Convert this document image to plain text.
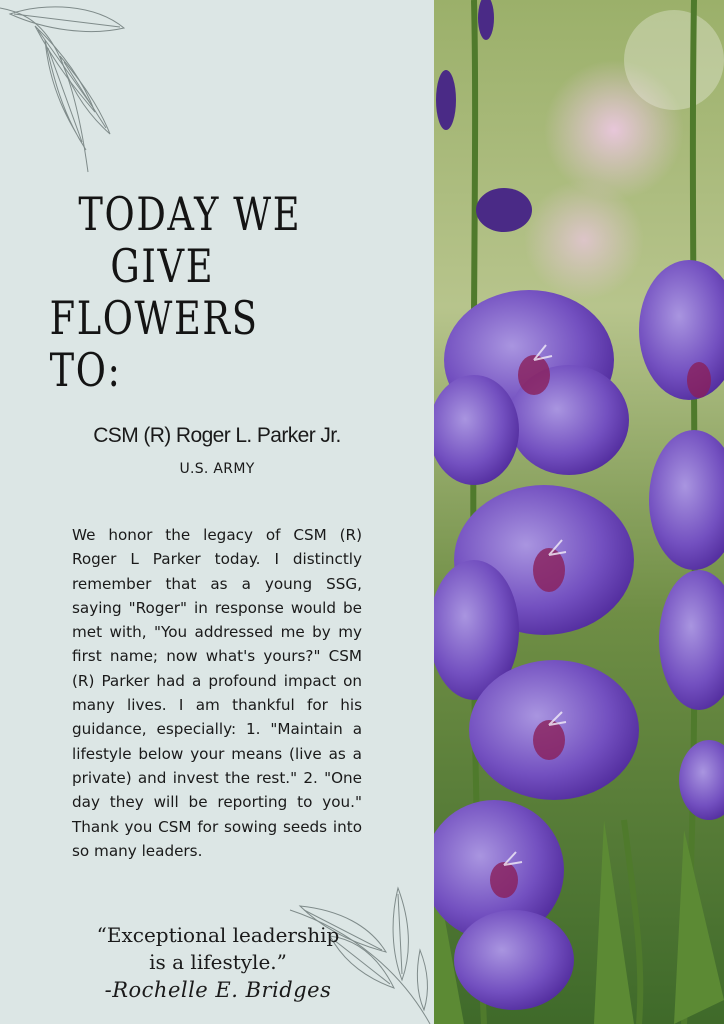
TODAY WE
GIVE
FLOWERS TO:

CSM (R) Roger L. Parker Jr.

U.S. ARMY

We honor the legacy of CSM (R) Roger L Parker today. I distinctly remember that as a young SSG, saying "Roger" in response would be met with, "You addressed me by my first name; now what's yours?" CSM (R) Parker had a profound impact on many lives. I am thankful for his guidance, especially: 1. "Maintain a lifestyle below your means (live as a private) and invest the rest." 2. "One day they will be reporting to you." Thank you CSM for sowing seeds into so many leaders.

“Exceptional leadership
is a lifestyle.”

-Rochelle E. Bridges
